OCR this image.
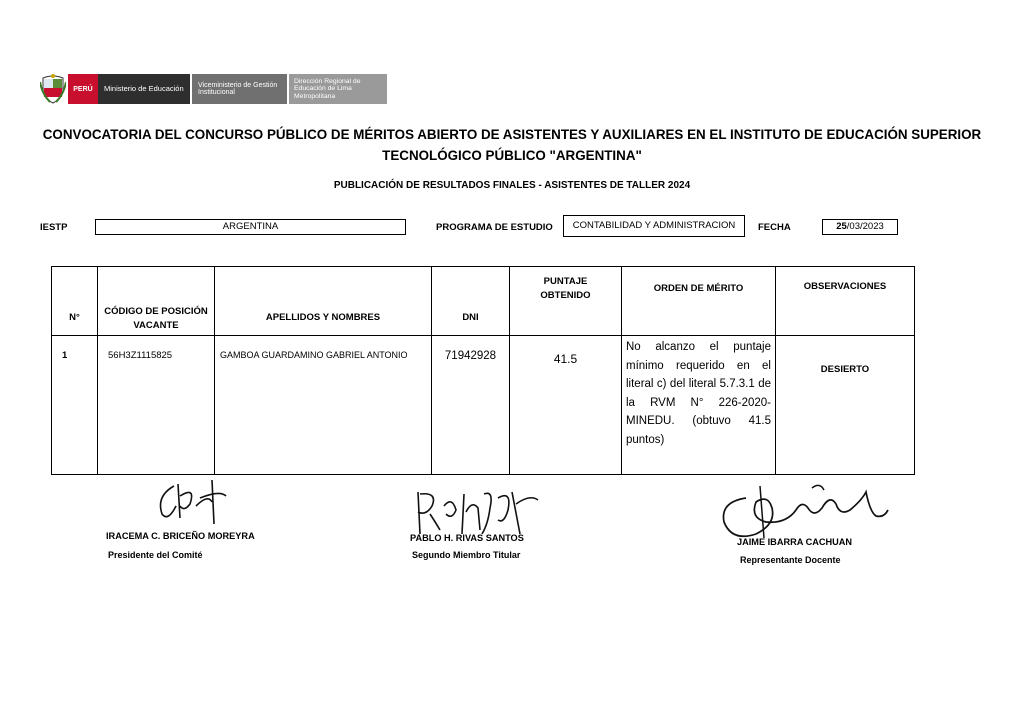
PERÚ	Ministerio de Educación	Viceministerio de Gestión Institucional
Dirección Regional de Educación de Lima Metropolitana
CONVOCATORIA DEL CONCURSO PÚBLICO DE MÉRITOS ABIERTO DE ASISTENTES Y AUXILIARES EN EL INSTITUTO DE EDUCACIÓN SUPERIOR TECNOLÓGICO PÚBLICO "ARGENTINA"
PUBLICACIÓN DE RESULTADOS FINALES - ASISTENTES DE TALLER 2024
IESTP	ARGENTINA	PROGRAMA DE ESTUDIO	CONTABILIDAD Y ADMINISTRACION	FECHA	25/03/2023
N°	CÓDIGO DE POSICIÓN VACANTE	APELLIDOS Y NOMBRES	DNI	PUNTAJE OBTENIDO	ORDEN DE MÉRITO	OBSERVACIONES
1	56H3Z1115825	GAMBOA GUARDAMINO GABRIEL ANTONIO	71942928	41.5	No alcanzo el puntaje mínimo requerido en el literal c) del literal 5.7.3.1 de la RVM N° 226-2020-MINEDU. (obtuvo 41.5 puntos)	DESIERTO
IRACEMA C. BRICEÑO MOREYRA
Presidente del Comité
PABLO H. RIVAS SANTOS
Segundo Miembro Titular
JAIME IBARRA CACHUAN
Representante Docente
